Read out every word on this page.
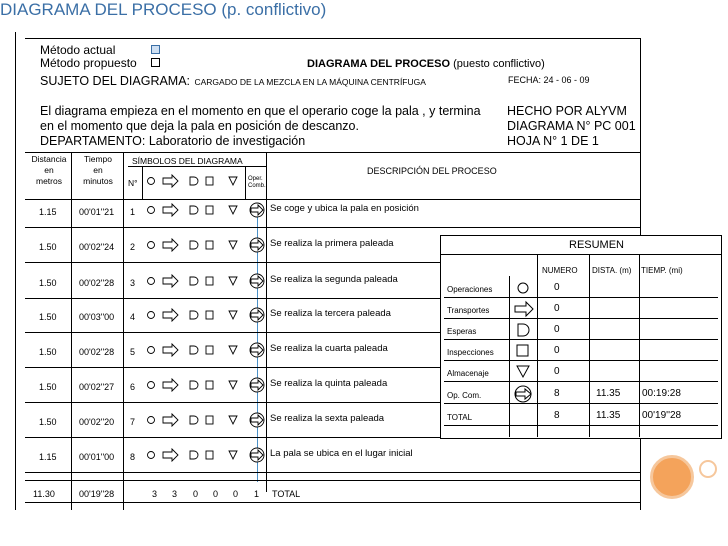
DIAGRAMA DEL PROCESO (p. conflictivo)
Método actual
Método propuesto	DIAGRAMA DEL PROCESO (puesto conflictivo)
SUJETO DEL DIAGRAMA: CARGADO DE LA MEZCLA EN LA MÁQUINA CENTRÍFUGA	FECHA: 24 - 06 - 09
El diagrama empieza en el momento en que el operario coge la pala , y termina
en el momento que deja la pala en posición de descanzo.
DEPARTAMENTO: Laboratorio de investigación
HECHO POR ALYVM
DIAGRAMA N° PC 001
HOJA N° 1 DE 1
Distancia
en
metros
Tiempo
en
minutos
SÍMBOLOS DEL DIAGRAMA
N°	Oper.
Comb.
DESCRIPCIÓN DEL PROCESO
1.15 00'01''21 1	Se coge y ubica la pala en posición
1.50 00'02''24 2	Se realiza la primera paleada
1.50 00'02''28 3	Se realiza la segunda paleada
1.50 00'03''00 4	Se realiza la tercera paleada
1.50 00'02''28 5	Se realiza la cuarta paleada
1.50 00'02''27 6	Se realiza la quinta paleada
1.50 00'02''20 7	Se realiza la sexta paleada
1.15 00'01''00 8	La pala se ubica en el lugar inicial
11.30	00'19''28	3 3 0 0 0 1 TOTAL
RESUMEN
NUMERO DISTA. (m) TIEMP. (mi)
Operaciones	0
Transportes	0
Esperas	0
Inspecciones	0
Almacenaje	0
Op. Com.	8	11.35 00:19:28
TOTAL	8	11.35 00'19''28
